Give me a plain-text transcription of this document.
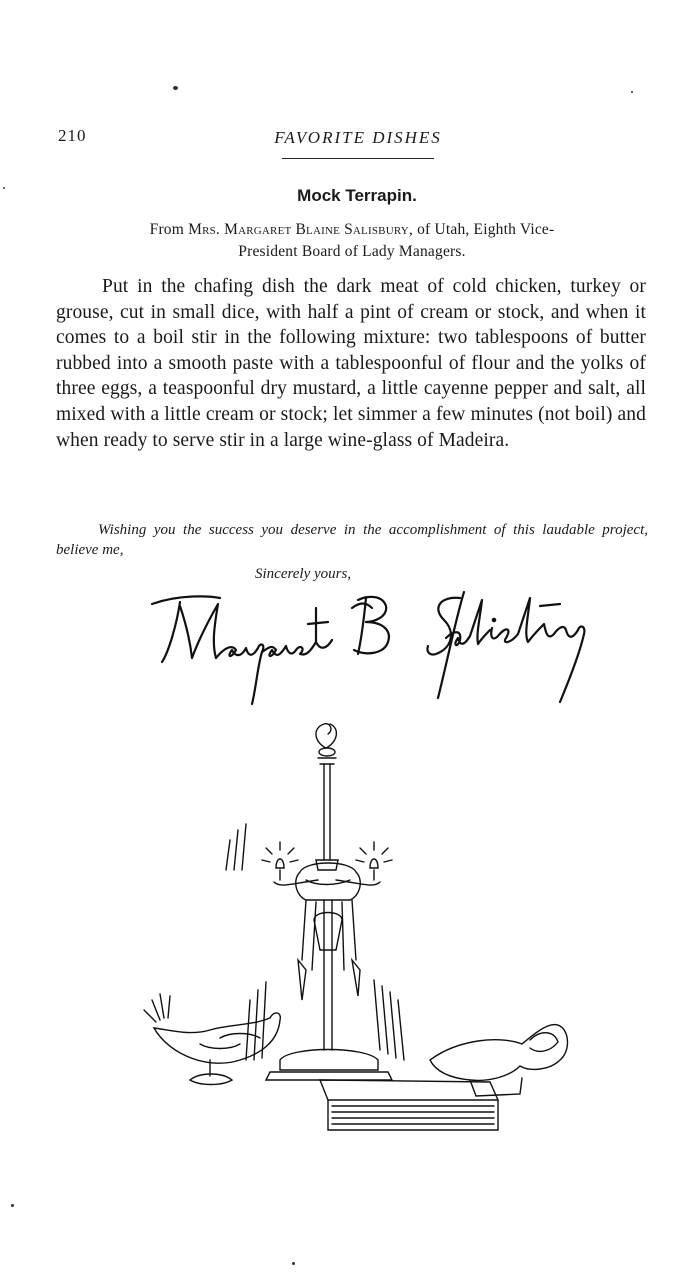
210	FAVORITE DISHES
Mock Terrapin.
From Mrs. Margaret Blaine Salisbury, of Utah, Eighth Vice-
President Board of Lady Managers.
Put in the chafing dish the dark meat of cold chicken, turkey or grouse, cut in small dice, with half a pint of cream or stock, and when it comes to a boil stir in the following mixture: two tablespoons of butter rubbed into a smooth paste with a tablespoonful of flour and the yolks of three eggs, a teaspoonful dry mustard, a little cayenne pepper and salt, all mixed with a little cream or stock; let simmer a few minutes (not boil) and when ready to serve stir in a large wine-glass of Madeira.
Wishing you the success you deserve in the accomplishment of this laudable project, believe me,
Sincerely yours,
